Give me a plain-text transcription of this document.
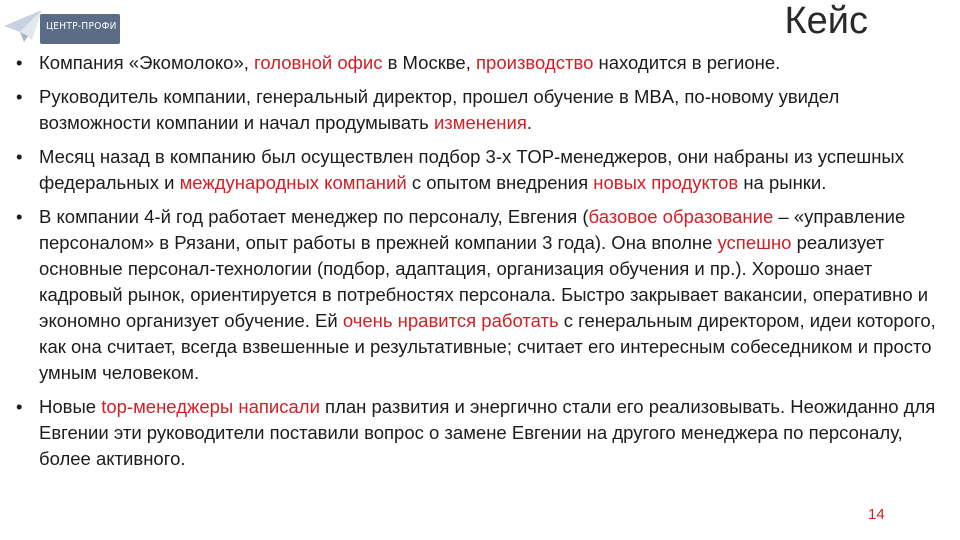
ЦЕНТР-ПРОФИ	Кейс
• Компания «Экомолоко», головной офис в Москве, производство находится в регионе.
• Руководитель компании, генеральный директор, прошел обучение в MBA, по-новому увидел возможности компании и начал продумывать изменения.
• Месяц назад в компанию был осуществлен подбор 3-х TOP-менеджеров, они набраны из успешных федеральных и международных компаний с опытом внедрения новых продуктов на рынки.
• В компании 4-й год работает менеджер по персоналу, Евгения (базовое образование – «управление персоналом» в Рязани, опыт работы в прежней компании 3 года). Она вполне успешно реализует основные персонал-технологии (подбор, адаптация, организация обучения и пр.). Хорошо знает кадровый рынок, ориентируется в потребностях персонала. Быстро закрывает вакансии, оперативно и экономно организует обучение. Ей очень нравится работать с генеральным директором, идеи которого, как она считает, всегда взвешенные и результативные; считает его интересным собеседником и просто умным человеком.
• Новые top-менеджеры написали план развития и энергично стали его реализовывать. Неожиданно для Евгении эти руководители поставили вопрос о замене Евгении на другого менеджера по персоналу, более активного.
14
